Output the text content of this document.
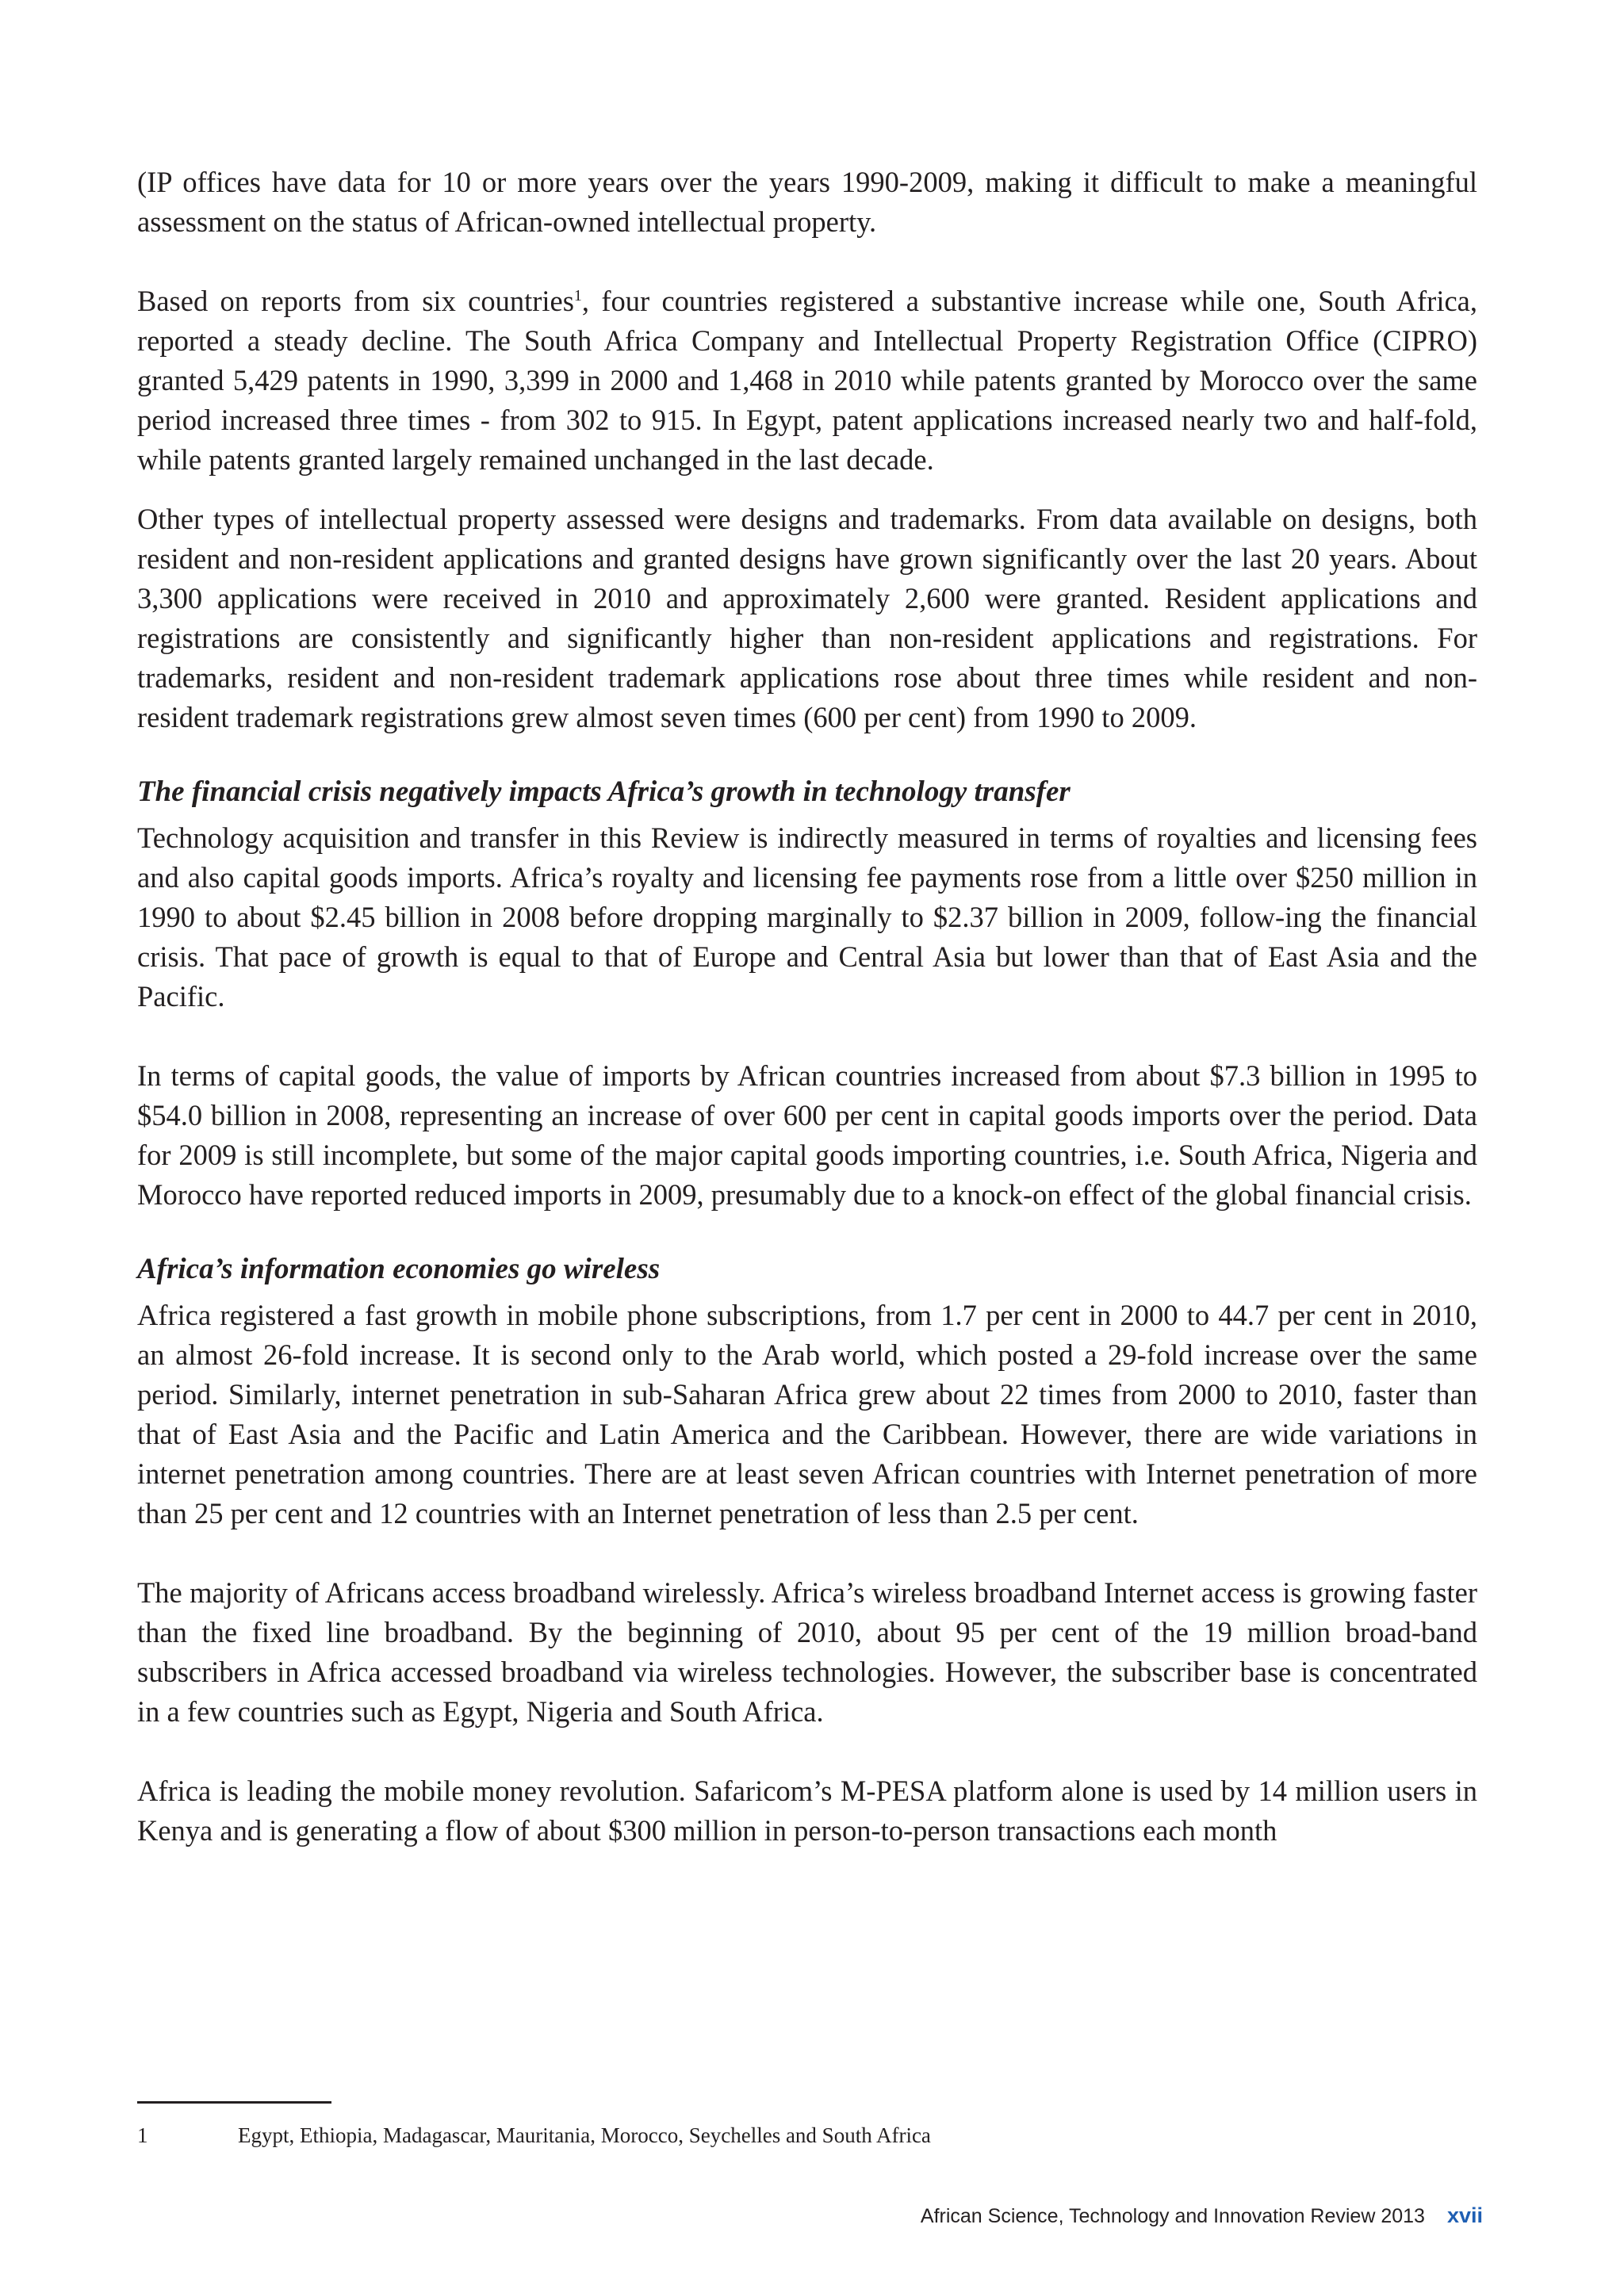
(IP offices have data for 10 or more years over the years 1990-2009, making it difficult to make a meaningful assessment on the status of African-owned intellectual property.

Based on reports from six countries$^1$, four countries registered a substantive increase while one, South Africa, reported a steady decline. The South Africa Company and Intellectual Property Registration Office (CIPRO) granted 5,429 patents in 1990, 3,399 in 2000 and 1,468 in 2010 while patents granted by Morocco over the same period increased three times - from 302 to 915. In Egypt, patent applications increased nearly two and half-fold, while patents granted largely remained unchanged in the last decade.

Other types of intellectual property assessed were designs and trademarks. From data available on designs, both resident and non-resident applications and granted designs have grown significantly over the last 20 years. About 3,300 applications were received in 2010 and approximately 2,600 were granted. Resident applications and registrations are consistently and significantly higher than non-resident applications and registrations. For trademarks, resident and non-resident trademark applications rose about three times while resident and non-resident trademark registrations grew almost seven times (600 per cent) from 1990 to 2009.

The financial crisis negatively impacts Africa’s growth in technology transfer

Technology acquisition and transfer in this Review is indirectly measured in terms of royalties and licensing fees and also capital goods imports. Africa’s royalty and licensing fee payments rose from a little over $250 million in 1990 to about $2.45 billion in 2008 before dropping marginally to $2.37 billion in 2009, follow-ing the financial crisis. That pace of growth is equal to that of Europe and Central Asia but lower than that of East Asia and the Pacific.

In terms of capital goods, the value of imports by African countries increased from about $7.3 billion in 1995 to $54.0 billion in 2008, representing an increase of over 600 per cent in capital goods imports over the period. Data for 2009 is still incomplete, but some of the major capital goods importing countries, i.e. South Africa, Nigeria and Morocco have reported reduced imports in 2009, presumably due to a knock-on effect of the global financial crisis.

Africa’s information economies go wireless

Africa registered a fast growth in mobile phone subscriptions, from 1.7 per cent in 2000 to 44.7 per cent in 2010, an almost 26-fold increase. It is second only to the Arab world, which posted a 29-fold increase over the same period. Similarly, internet penetration in sub-Saharan Africa grew about 22 times from 2000 to 2010, faster than that of East Asia and the Pacific and Latin America and the Caribbean. However, there are wide variations in internet penetration among countries. There are at least seven African countries with Internet penetration of more than 25 per cent and 12 countries with an Internet penetration of less than 2.5 per cent.

The majority of Africans access broadband wirelessly. Africa’s wireless broadband Internet access is growing faster than the fixed line broadband. By the beginning of 2010, about 95 per cent of the 19 million broad-band subscribers in Africa accessed broadband via wireless technologies. However, the subscriber base is concentrated in a few countries such as Egypt, Nigeria and South Africa.

Africa is leading the mobile money revolution. Safaricom’s M-PESA platform alone is used by 14 million users in Kenya and is generating a flow of about $300 million in person-to-person transactions each month

1	Egypt, Ethiopia, Madagascar, Mauritania, Morocco, Seychelles and South Africa
African Science, Technology and Innovation Review 2013 xvii
